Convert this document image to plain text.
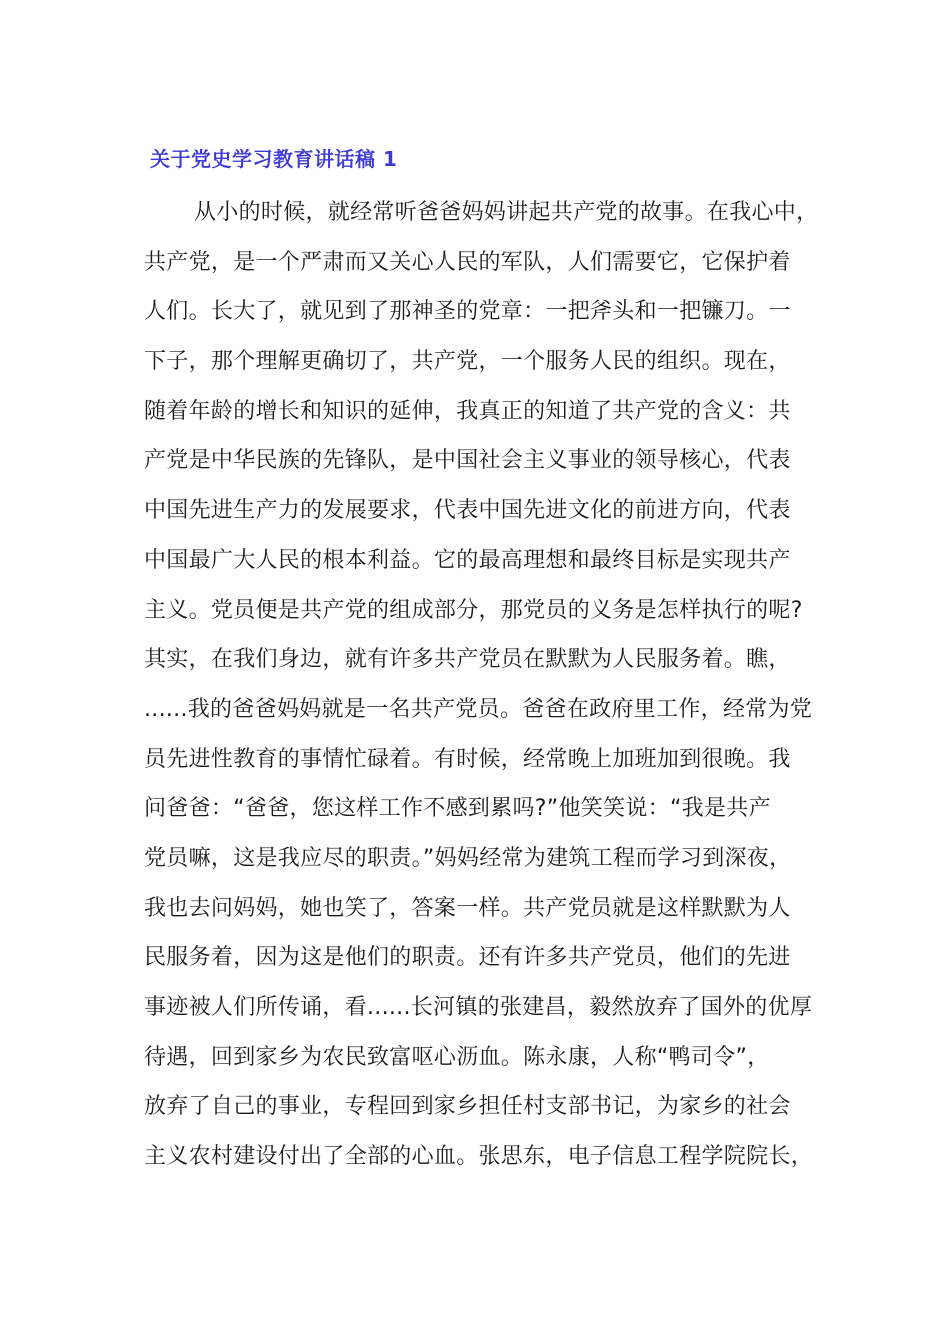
关于党史学习教育讲话稿 1
从小的时候，就经常听爸爸妈妈讲起共产党的故事。在我心中，
共产党，是一个严肃而又关心人民的军队，人们需要它，它保护着
人们。长大了，就见到了那神圣的党章：一把斧头和一把镰刀。一
下子，那个理解更确切了，共产党，一个服务人民的组织。现在，
随着年龄的增长和知识的延伸，我真正的知道了共产党的含义：共
产党是中华民族的先锋队，是中国社会主义事业的领导核心，代表
中国先进生产力的发展要求，代表中国先进文化的前进方向，代表
中国最广大人民的根本利益。它的最高理想和最终目标是实现共产
主义。党员便是共产党的组成部分，那党员的义务是怎样执行的呢?
其实，在我们身边，就有许多共产党员在默默为人民服务着。瞧，
......我的爸爸妈妈就是一名共产党员。爸爸在政府里工作，经常为党
员先进性教育的事情忙碌着。有时候，经常晚上加班加到很晚。我
问爸爸：“爸爸，您这样工作不感到累吗?”他笑笑说：“我是共产
党员嘛，这是我应尽的职责。”妈妈经常为建筑工程而学习到深夜，
我也去问妈妈，她也笑了，答案一样。共产党员就是这样默默为人
民服务着，因为这是他们的职责。还有许多共产党员，他们的先进
事迹被人们所传诵，看......长河镇的张建昌，毅然放弃了国外的优厚
待遇，回到家乡为农民致富呕心沥血。陈永康，人称“鸭司令”，
放弃了自己的事业，专程回到家乡担任村支部书记，为家乡的社会
主义农村建设付出了全部的心血。张思东，电子信息工程学院院长，
